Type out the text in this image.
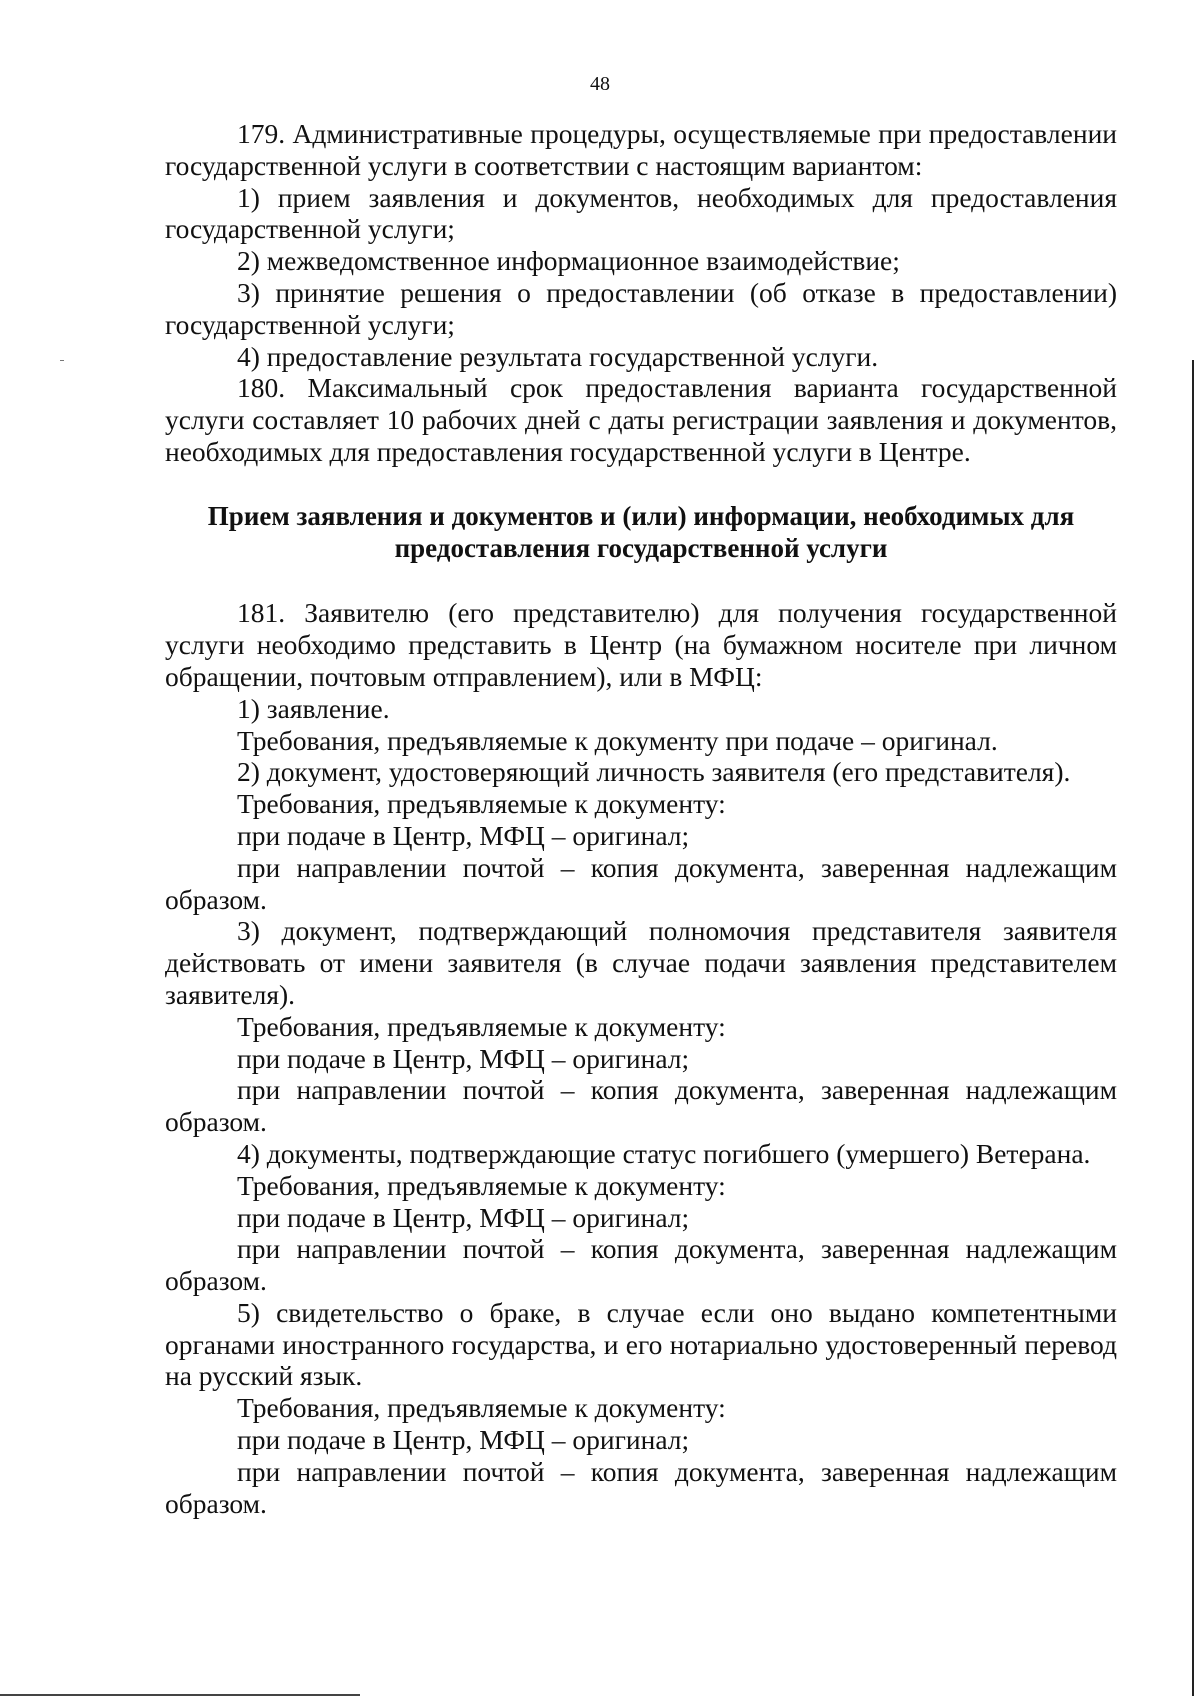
48

179. Административные процедуры, осуществляемые при предоставлении государственной услуги в соответствии с настоящим вариантом:

1) прием заявления и документов, необходимых для предоставления государственной услуги;

2) межведомственное информационное взаимодействие;

3) принятие решения о предоставлении (об отказе в предоставлении) государственной услуги;

4) предоставление результата государственной услуги.

180. Максимальный срок предоставления варианта государственной услуги составляет 10 рабочих дней с даты регистрации заявления и документов, необходимых для предоставления государственной услуги в Центре.

Прием заявления и документов и (или) информации, необходимых для предоставления государственной услуги

181. Заявителю (его представителю) для получения государственной услуги необходимо представить в Центр (на бумажном носителе при личном обращении, почтовым отправлением), или в МФЦ:

1) заявление.

Требования, предъявляемые к документу при подаче – оригинал.

2) документ, удостоверяющий личность заявителя (его представителя).

Требования, предъявляемые к документу:

при подаче в Центр, МФЦ – оригинал;

при направлении почтой – копия документа, заверенная надлежащим образом.

3) документ, подтверждающий полномочия представителя заявителя действовать от имени заявителя (в случае подачи заявления представителем заявителя).

Требования, предъявляемые к документу:

при подаче в Центр, МФЦ – оригинал;

при направлении почтой – копия документа, заверенная надлежащим образом.

4) документы, подтверждающие статус погибшего (умершего) Ветерана.

Требования, предъявляемые к документу:

при подаче в Центр, МФЦ – оригинал;

при направлении почтой – копия документа, заверенная надлежащим образом.

5) свидетельство о браке, в случае если оно выдано компетентными органами иностранного государства, и его нотариально удостоверенный перевод на русский язык.

Требования, предъявляемые к документу:

при подаче в Центр, МФЦ – оригинал;

при направлении почтой – копия документа, заверенная надлежащим образом.
